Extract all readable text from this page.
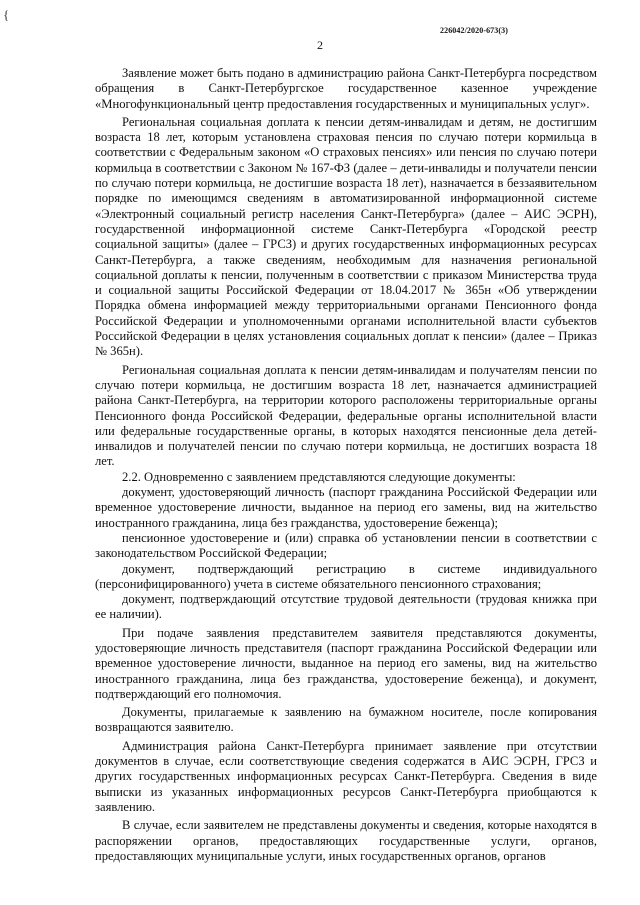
{
226042/2020-673(3)
2

Заявление может быть подано в администрацию района Санкт-Петербурга посредством обращения в Санкт-Петербургское государственное казенное учреждение «Многофункциональный центр предоставления государственных и муниципальных услуг».

Региональная социальная доплата к пенсии детям-инвалидам и детям, не достигшим возраста 18 лет, которым установлена страховая пенсия по случаю потери кормильца в соответствии с Федеральным законом «О страховых пенсиях» или пенсия по случаю потери кормильца в соответствии с Законом № 167-ФЗ (далее – дети-инвалиды и получатели пенсии по случаю потери кормильца, не достигшие возраста 18 лет), назначается в беззаявительном порядке по имеющимся сведениям в автоматизированной информационной системе «Электронный социальный регистр населения Санкт-Петербурга» (далее – АИС ЭСРН), государственной информационной системе Санкт-Петербурга «Городской реестр социальной защиты» (далее – ГРСЗ) и других государственных информационных ресурсах Санкт-Петербурга, а также сведениям, необходимым для назначения региональной социальной доплаты к пенсии, полученным в соответствии с приказом Министерства труда и социальной защиты Российской Федерации от 18.04.2017 № 365н «Об утверждении Порядка обмена информацией между территориальными органами Пенсионного фонда Российской Федерации и уполномоченными органами исполнительной власти субъектов Российской Федерации в целях установления социальных доплат к пенсии» (далее – Приказ № 365н).

Региональная социальная доплата к пенсии детям-инвалидам и получателям пенсии по случаю потери кормильца, не достигшим возраста 18 лет, назначается администрацией района Санкт-Петербурга, на территории которого расположены территориальные органы Пенсионного фонда Российской Федерации, федеральные органы исполнительной власти или федеральные государственные органы, в которых находятся пенсионные дела детей-инвалидов и получателей пенсии по случаю потери кормильца, не достигших возраста 18 лет.

2.2. Одновременно с заявлением представляются следующие документы:

документ, удостоверяющий личность (паспорт гражданина Российской Федерации или временное удостоверение личности, выданное на период его замены, вид на жительство иностранного гражданина, лица без гражданства, удостоверение беженца);

пенсионное удостоверение и (или) справка об установлении пенсии в соответствии с законодательством Российской Федерации;

документ, подтверждающий регистрацию в системе индивидуального (персонифицированного) учета в системе обязательного пенсионного страхования;

документ, подтверждающий отсутствие трудовой деятельности (трудовая книжка при ее наличии).

При подаче заявления представителем заявителя представляются документы, удостоверяющие личность представителя (паспорт гражданина Российской Федерации или временное удостоверение личности, выданное на период его замены, вид на жительство иностранного гражданина, лица без гражданства, удостоверение беженца), и документ, подтверждающий его полномочия.

Документы, прилагаемые к заявлению на бумажном носителе, после копирования возвращаются заявителю.

Администрация района Санкт-Петербурга принимает заявление при отсутствии документов в случае, если соответствующие сведения содержатся в АИС ЭСРН, ГРСЗ и других государственных информационных ресурсах Санкт-Петербурга. Сведения в виде выписки из указанных информационных ресурсов Санкт-Петербурга приобщаются к заявлению.

В случае, если заявителем не представлены документы и сведения, которые находятся в распоряжении органов, предоставляющих государственные услуги, органов, предоставляющих муниципальные услуги, иных государственных органов, органов
